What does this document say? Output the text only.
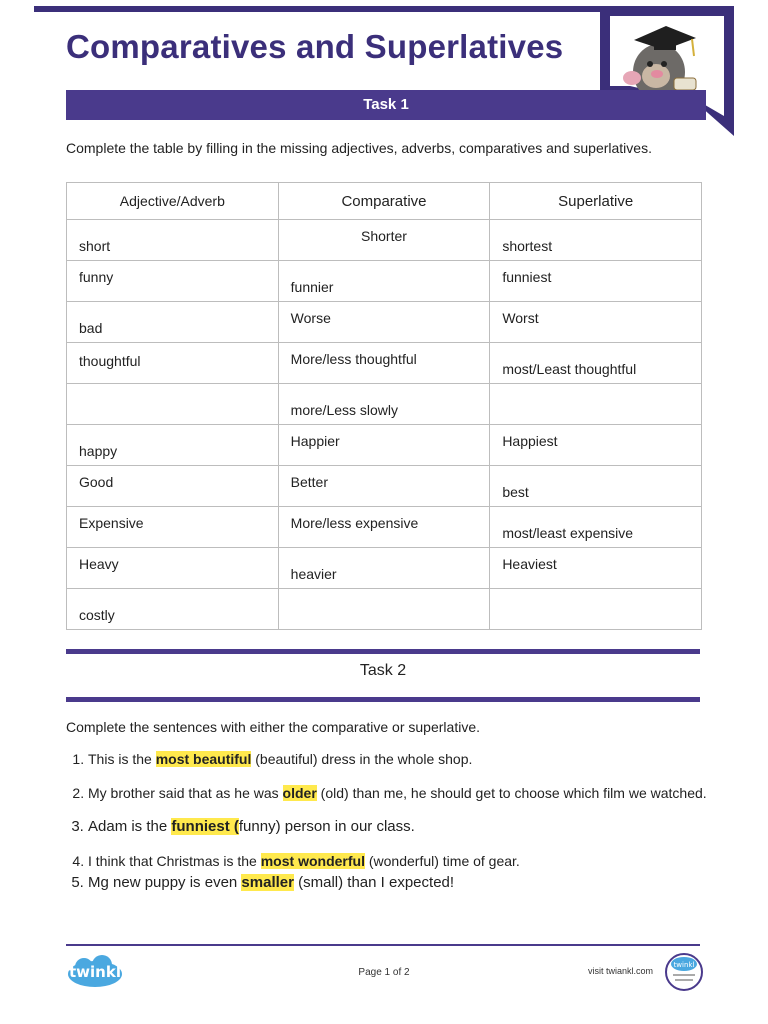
Comparatives and Superlatives
Task 1
Complete the table by filling in the missing adjectives, adverbs, comparatives and superlatives.
Adjective/Adverb	Comparative	Superlative
short	Shorter	shortest
funny	funnier	funniest
bad	Worse	Worst
thoughtful	More/less thoughtful	most/Least thoughtful
	more/Less slowly	
happy	Happier	Happiest
Good	Better	best
Expensive	More/less expensive	most/least expensive
Heavy	heavier	Heaviest
costly		
Task 2
Complete the sentences with either the comparative or superlative.
1. This is the most beautiful (beautiful) dress in the whole shop.
2. My brother said that as he was older (old) than me, he should get to choose which film we watched.
3. Adam is the funniest (funny) person in our class.
4. I think that Christmas is the most wonderful (wonderful) time of gear.
5. Mg new puppy is even smaller (small) than I expected!
twinkl	Page 1 of 2	visit twiankl.com
twinkl
